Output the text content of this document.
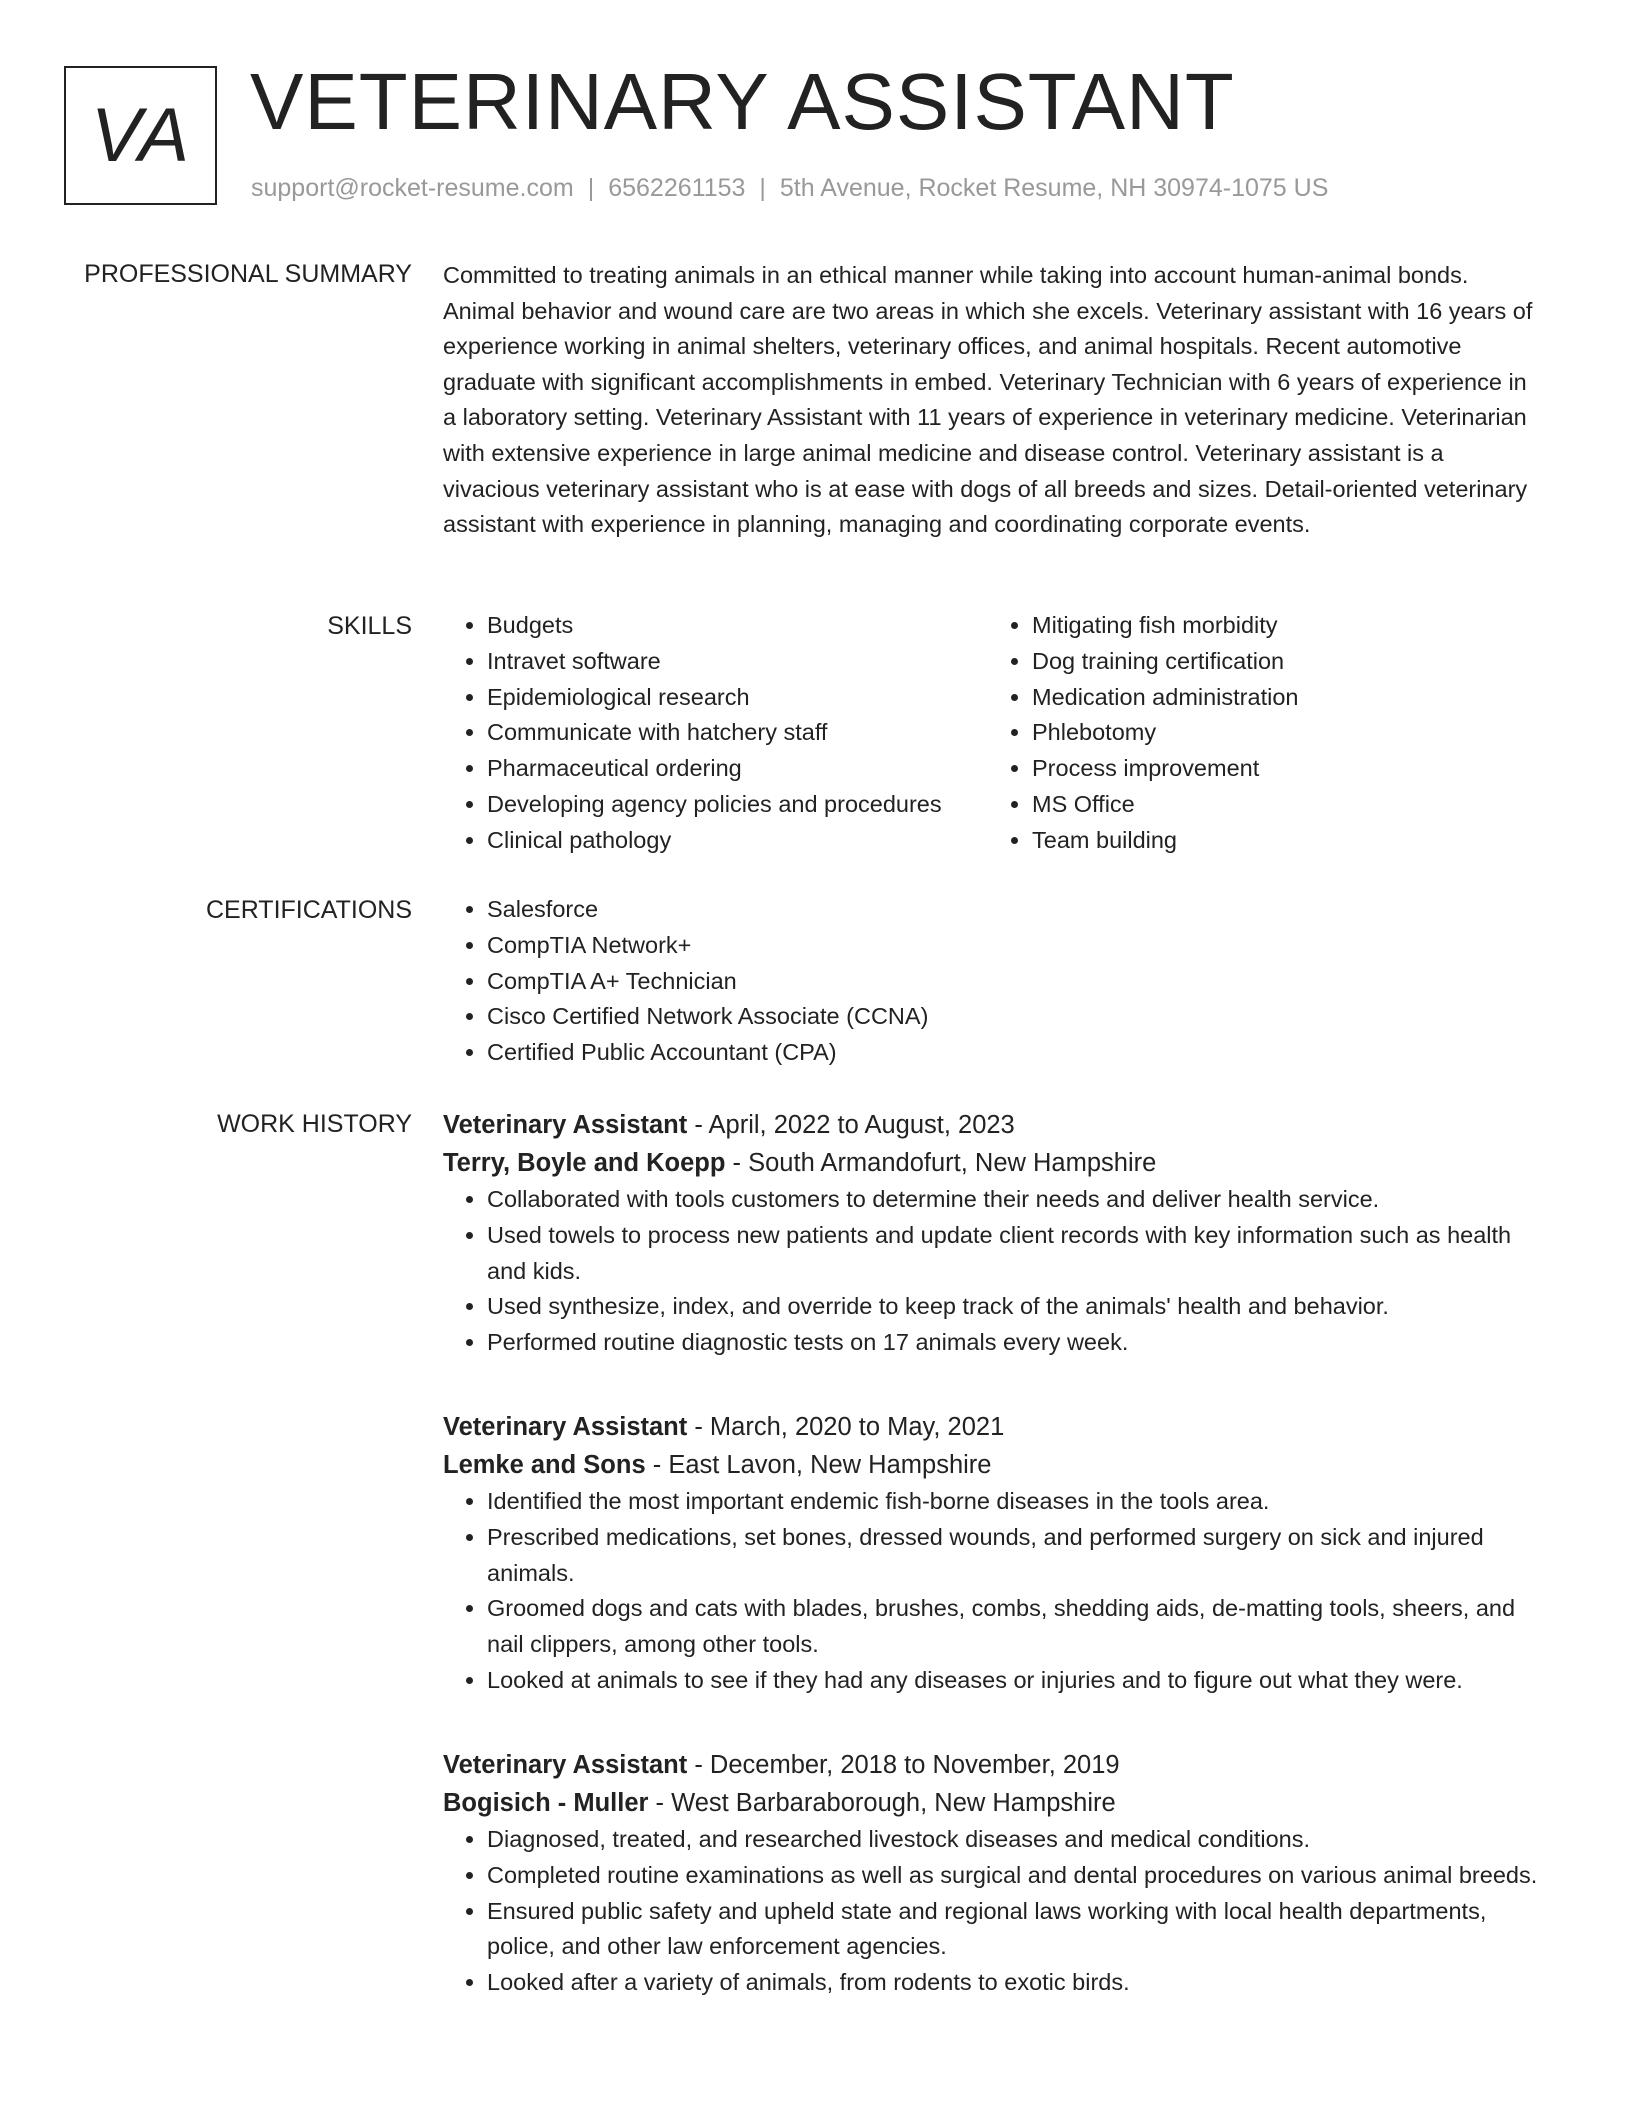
VA VETERINARY ASSISTANT
support@rocket-resume.com | 6562261153 | 5th Avenue, Rocket Resume, NH 30974-1075 US
PROFESSIONAL SUMMARY Committed to treating animals in an ethical manner while taking into account human-animal bonds. Animal behavior and wound care are two areas in which she excels. Veterinary assistant with 16 years of experience working in animal shelters, veterinary offices, and animal hospitals. Recent automotive graduate with significant accomplishments in embed. Veterinary Technician with 6 years of experience in a laboratory setting. Veterinary Assistant with 11 years of experience in veterinary medicine. Veterinarian with extensive experience in large animal medicine and disease control. Veterinary assistant is a vivacious veterinary assistant who is at ease with dogs of all breeds and sizes. Detail-oriented veterinary assistant with experience in planning, managing and coordinating corporate events.

SKILLS	• Budgets
• Intravet software
• Epidemiological research
• Communicate with hatchery staff
• Pharmaceutical ordering
• Developing agency policies and procedures
• Clinical pathology
• Mitigating fish morbidity
• Dog training certification
• Medication administration
• Phlebotomy
• Process improvement
• MS Office
• Team building
CERTIFICATIONS	• Salesforce
• CompTIA Network+
• CompTIA A+ Technician
• Cisco Certified Network Associate (CCNA)
• Certified Public Accountant (CPA)
WORK HISTORY Veterinary Assistant - April, 2022 to August, 2023
Terry, Boyle and Koepp - South Armandofurt, New Hampshire
• Collaborated with tools customers to determine their needs and deliver health service.
• Used towels to process new patients and update client records with key information such as health and kids.
• Used synthesize, index, and override to keep track of the animals' health and behavior.
• Performed routine diagnostic tests on 17 animals every week.
Veterinary Assistant - March, 2020 to May, 2021
Lemke and Sons - East Lavon, New Hampshire
• Identified the most important endemic fish-borne diseases in the tools area.
• Prescribed medications, set bones, dressed wounds, and performed surgery on sick and injured animals.
• Groomed dogs and cats with blades, brushes, combs, shedding aids, de-matting tools, sheers, and nail clippers, among other tools.
• Looked at animals to see if they had any diseases or injuries and to figure out what they were.
Veterinary Assistant - December, 2018 to November, 2019
Bogisich - Muller - West Barbaraborough, New Hampshire
• Diagnosed, treated, and researched livestock diseases and medical conditions.
• Completed routine examinations as well as surgical and dental procedures on various animal breeds.
• Ensured public safety and upheld state and regional laws working with local health departments, police, and other law enforcement agencies.
• Looked after a variety of animals, from rodents to exotic birds.
